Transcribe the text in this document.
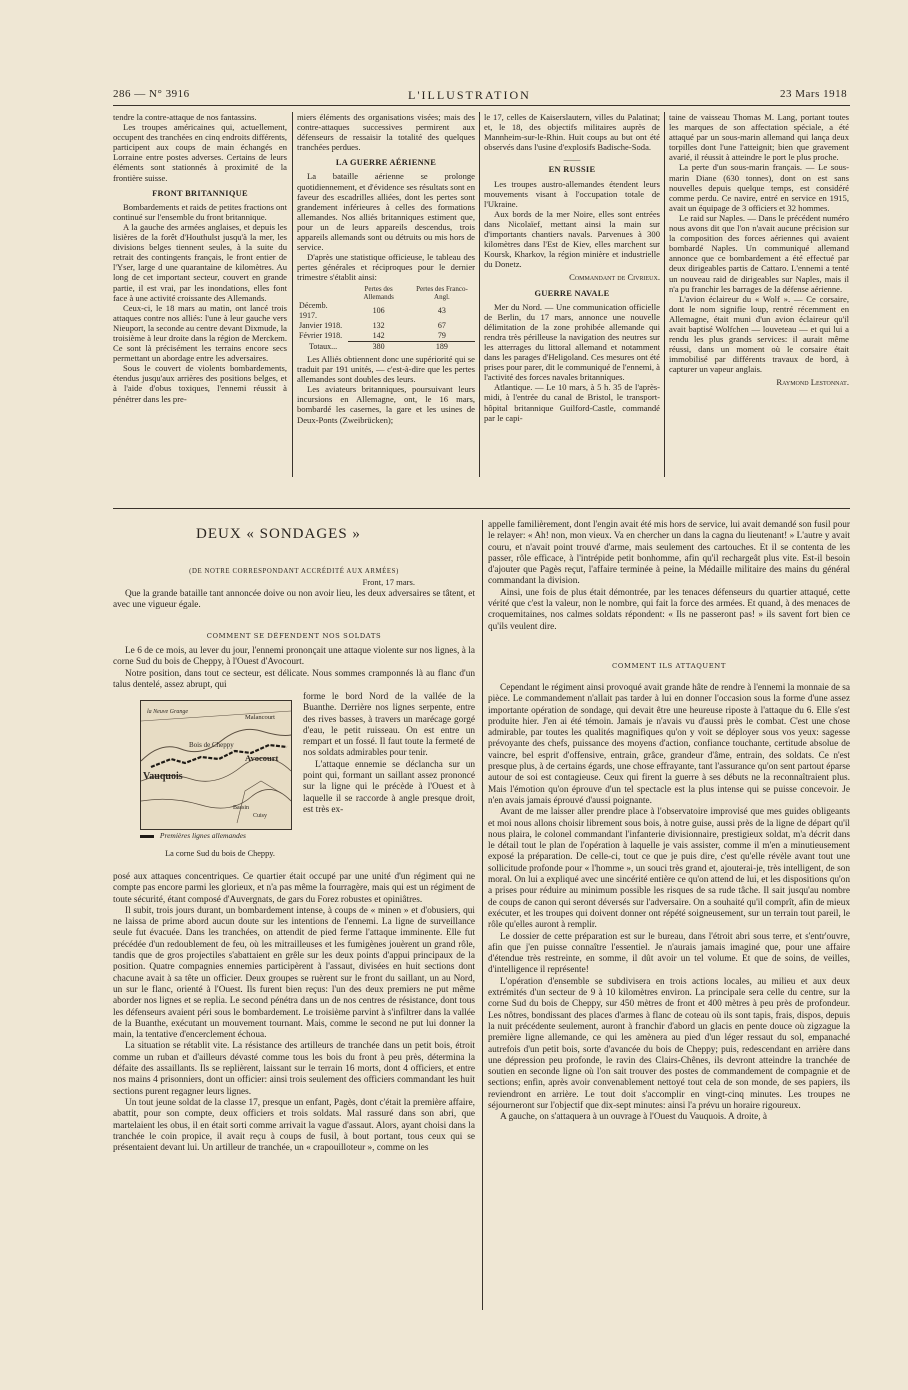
286 — N° 3916	L'ILLUSTRATION	23 Mars 1918

tendre la contre-attaque de nos fantassins.

Les troupes américaines qui, actuellement, occupent des tranchées en cinq endroits différents, participent aux coups de main échangés en Lorraine entre postes adverses. Certains de leurs éléments sont stationnés à proximité de la frontière suisse.

FRONT BRITANNIQUE

Bombardements et raids de petites fractions ont continué sur l'ensemble du front britannique.

A la gauche des armées anglaises, et depuis les lisières de la forêt d'Houthulst jusqu'à la mer, les divisions belges tiennent seules, à la suite du retrait des contingents français, le front entier de l'Yser, large d une quarantaine de kilomètres. Au long de cet important secteur, couvert en grande partie, il est vrai, par les inondations, elles font face à une activité croissante des Allemands.

Ceux-ci, le 18 mars au matin, ont lancé trois attaques contre nos alliés: l'une à leur gauche vers Nieuport, la seconde au centre devant Dixmude, la troisième à leur droite dans la région de Merckem. Ce sont là précisément les terrains encore secs permettant un abordage entre les adversaires.

Sous le couvert de violents bombardements, étendus jusqu'aux arrières des positions belges, et à l'aide d'obus toxiques, l'ennemi réussit à pénétrer dans les pre-

miers éléments des organisations visées; mais des contre-attaques successives permirent aux défenseurs de ressaisir la totalité des quelques tranchées perdues.

LA GUERRE AÉRIENNE

La bataille aérienne se prolonge quotidiennement, et d'évidence ses résultats sont en faveur des escadrilles alliées, dont les pertes sont grandement inférieures à celles des formations allemandes. Nos alliés britanniques estiment que, pour un de leurs appareils descendus, trois appareils allemands sont ou détruits ou mis hors de service.

D'après une statistique officieuse, le tableau des pertes générales et réciproques pour le dernier trimestre s'établit ainsi:

	Pertes des Allemands	Pertes des Franco-Angl.
Décemb. 1917.	106	43
Janvier 1918.	132	67
Février 1918.	142	79
Totaux...	380	189

Les Alliés obtiennent donc une supériorité qui se traduit par 191 unités, — c'est-à-dire que les pertes allemandes sont doubles des leurs.

Les aviateurs britanniques, poursuivant leurs incursions en Allemagne, ont, le 16 mars, bombardé les casernes, la gare et les usines de Deux-Ponts (Zweibrücken);

le 17, celles de Kaiserslautern, villes du Palatinat; et, le 18, des objectifs militaires auprès de Mannheim-sur-le-Rhin. Huit coups au but ont été observés dans l'usine d'explosifs Badische-Soda.

⸻
EN RUSSIE

Les troupes austro-allemandes étendent leurs mouvements visant à l'occupation totale de l'Ukraine.

Aux bords de la mer Noire, elles sont entrées dans Nicolaïef, mettant ainsi la main sur d'importants chantiers navals. Parvenues à 300 kilomètres dans l'Est de Kiev, elles marchent sur Koursk, Kharkov, la région minière et industrielle du Donetz.

Commandant de Civrieux.
GUERRE NAVALE

Mer du Nord. — Une communication officielle de Berlin, du 17 mars, annonce une nouvelle délimitation de la zone prohibée allemande qui rendra très périlleuse la navigation des neutres sur les atterrages du littoral allemand et notamment dans les parages d'Heligoland. Ces mesures ont été prises pour parer, dit le communiqué de l'ennemi, à l'activité des forces navales britanniques.

Atlantique. — Le 10 mars, à 5 h. 35 de l'après-midi, à l'entrée du canal de Bristol, le transport-hôpital britannique Guilford-Castle, commandé par le capi-

taine de vaisseau Thomas M. Lang, portant toutes les marques de son affectation spéciale, a été attaqué par un sous-marin allemand qui lança deux torpilles dont l'une l'atteignit; bien que gravement avarié, il réussit à atteindre le port le plus proche.

La perte d'un sous-marin français. — Le sous-marin Diane (630 tonnes), dont on est sans nouvelles depuis quelque temps, est considéré comme perdu. Ce navire, entré en service en 1915, avait un équipage de 3 officiers et 32 hommes.

Le raid sur Naples. — Dans le précédent numéro nous avons dit que l'on n'avait aucune précision sur la composition des forces aériennes qui avaient bombardé Naples. Un communiqué allemand annonce que ce bombardement a été effectué par deux dirigeables partis de Cattaro. L'ennemi a tenté un nouveau raid de dirigeables sur Naples, mais il n'a pu franchir les barrages de la défense aérienne.

L'avion éclaireur du « Wolf ». — Ce corsaire, dont le nom signifie loup, rentré récemment en Allemagne, était muni d'un avion éclaireur qu'il avait baptisé Wolfchen — louveteau — et qui lui a rendu les plus grands services: il aurait même réussi, dans un moment où le corsaire était immobilisé par différents travaux de bord, à capturer un vapeur anglais.

Raymond Lestonnat.
DEUX « SONDAGES »
(DE NOTRE CORRESPONDANT ACCRÉDITÉ AUX ARMÉES)
Front, 17 mars.

Que la grande bataille tant annoncée doive ou non avoir lieu, les deux adversaires se tâtent, et avec une vigueur égale.

COMMENT SE DÉFENDENT NOS SOLDATS

Le 6 de ce mois, au lever du jour, l'ennemi prononçait une attaque violente sur nos lignes, à la corne Sud du bois de Cheppy, à l'Ouest d'Avocourt.

Notre position, dans tout ce secteur, est délicate. Nous sommes cramponnés là au flanc d'un talus dentelé, assez abrupt, qui

la Neuve Grange
Malancourt
Vauquois
Bois de Cheppy
Avocourt
Bassin
Cuisy
Premières lignes allemandes
La corne Sud du bois de Cheppy.

forme le bord Nord de la vallée de la Buanthe. Derrière nos lignes serpente, entre des rives basses, à travers un marécage gorgé d'eau, le petit ruisseau. On est entre un rempart et un fossé. Il faut toute la fermeté de nos soldats admirables pour tenir.

L'attaque ennemie se déclancha sur un point qui, formant un saillant assez prononcé sur la ligne qui le précède à l'Ouest et à laquelle il se raccorde à angle presque droit, est très ex-

posé aux attaques concentriques. Ce quartier était occupé par une unité d'un régiment qui ne compte pas encore parmi les glorieux, et n'a pas même la fourragère, mais qui est un régiment de toute sécurité, étant composé d'Auvergnats, de gars du Forez robustes et opiniâtres.

Il subit, trois jours durant, un bombardement intense, à coups de « minen » et d'obusiers, qui ne laissa de prime abord aucun doute sur les intentions de l'ennemi. La ligne de surveillance seule fut évacuée. Dans les tranchées, on attendit de pied ferme l'attaque imminente. Elle fut précédée d'un redoublement de feu, où les mitrailleuses et les fumigènes jouèrent un grand rôle, tandis que de gros projectiles s'abattaient en grêle sur les deux points d'appui principaux de la position. Quatre compagnies ennemies participèrent à l'assaut, divisées en huit sections dont chacune avait à sa tête un officier. Deux groupes se ruèrent sur le front du saillant, un au Nord, un sur le flanc, orienté à l'Ouest. Ils furent bien reçus: l'un des deux premiers ne put même aborder nos lignes et se replia. Le second pénétra dans un de nos centres de résistance, dont tous les défenseurs avaient péri sous le bombardement. Le troisième parvint à s'infiltrer dans la vallée de la Buanthe, exécutant un mouvement tournant. Mais, comme le second ne put lui donner la main, la tentative d'encerclement échoua.

La situation se rétablit vite. La résistance des artilleurs de tranchée dans un petit bois, étroit comme un ruban et d'ailleurs dévasté comme tous les bois du front à peu près, détermina la défaite des assaillants. Ils se replièrent, laissant sur le terrain 16 morts, dont 4 officiers, et entre nos mains 4 prisonniers, dont un officier: ainsi trois seulement des officiers commandant les huit sections purent regagner leurs lignes.

Un tout jeune soldat de la classe 17, presque un enfant, Pagès, dont c'était la première affaire, abattit, pour son compte, deux officiers et trois soldats. Mal rassuré dans son abri, que martelaient les obus, il en était sorti comme arrivait la vague d'assaut. Alors, ayant choisi dans la tranchée le coin propice, il avait reçu à coups de fusil, à bout portant, tous ceux qui se présentaient devant lui. Un artilleur de tranchée, un « crapouilloteur », comme on les

appelle familièrement, dont l'engin avait été mis hors de service, lui avait demandé son fusil pour le relayer: « Ah! non, mon vieux. Va en chercher un dans la cagna du lieutenant! » L'autre y avait couru, et n'avait point trouvé d'arme, mais seulement des cartouches. Et il se contenta de les passer, rôle efficace, à l'intrépide petit bonhomme, afin qu'il rechargeât plus vite. Est-il besoin d'ajouter que Pagès reçut, l'affaire terminée à peine, la Médaille militaire des mains du général commandant la division.

Ainsi, une fois de plus était démontrée, par les tenaces défenseurs du quartier attaqué, cette vérité que c'est la valeur, non le nombre, qui fait la force des armées. Et quand, à des menaces de croquemitaines, nos calmes soldats répondent: « Ils ne passeront pas! » ils savent fort bien ce qu'ils veulent dire.

COMMENT ILS ATTAQUENT

Cependant le régiment ainsi provoqué avait grande hâte de rendre à l'ennemi la monnaie de sa pièce. Le commandement n'allait pas tarder à lui en donner l'occasion sous la forme d'une assez importante opération de sondage, qui devait être une heureuse riposte à l'attaque du 6. Elle s'est produite hier. J'en ai été témoin. Jamais je n'avais vu d'aussi près le combat. C'est une chose admirable, par toutes les qualités magnifiques qu'on y voit se déployer sous vos yeux: sagesse prévoyante des chefs, puissance des moyens d'action, confiance touchante, certitude absolue de vaincre, bel esprit d'offensive, entrain, grâce, grandeur d'âme, entrain, des soldats. Ce n'est presque plus, à de certains égards, une chose effrayante, tant l'assurance qu'on sent partout éparse autour de soi est contagieuse. Ceux qui firent la guerre à ses débuts ne la reconnaîtraient plus. Mais l'émotion qu'on éprouve d'un tel spectacle est la plus intense qui se puisse concevoir. Je n'en avais jamais éprouvé d'aussi poignante.

Avant de me laisser aller prendre place à l'observatoire improvisé que mes guides obligeants et moi nous allons choisir librement sous bois, à notre guise, aussi près de la ligne de départ qu'il nous plaira, le colonel commandant l'infanterie divisionnaire, prestigieux soldat, m'a décrit dans le détail tout le plan de l'opération à laquelle je vais assister, comme il m'en a minutieusement exposé la préparation. De celle-ci, tout ce que je puis dire, c'est qu'elle révèle avant tout une sollicitude profonde pour « l'homme », un souci très grand et, ajouterai-je, très intelligent, de son moral. On lui a expliqué avec une sincérité entière ce qu'on attend de lui, et les dispositions qu'on a prises pour réduire au minimum possible les risques de sa rude tâche. Il sait jusqu'au nombre de coups de canon qui seront déversés sur l'adversaire. On a souhaité qu'il comprît, afin de mieux exécuter, et les troupes qui doivent donner ont répété soigneusement, sur un terrain tout pareil, le rôle qu'elles auront à remplir.

Le dossier de cette préparation est sur le bureau, dans l'étroit abri sous terre, et s'entr'ouvre, afin que j'en puisse connaître l'essentiel. Je n'aurais jamais imaginé que, pour une affaire d'étendue très restreinte, en somme, il dût avoir un tel volume. Et que de soins, de veilles, d'intelligence il représente!

L'opération d'ensemble se subdivisera en trois actions locales, au milieu et aux deux extrémités d'un secteur de 9 à 10 kilomètres environ. La principale sera celle du centre, sur la corne Sud du bois de Cheppy, sur 450 mètres de front et 400 mètres à peu près de profondeur. Les nôtres, bondissant des places d'armes à flanc de coteau où ils sont tapis, frais, dispos, depuis la nuit précédente seulement, auront à franchir d'abord un glacis en pente douce où zigzague la première ligne allemande, ce qui les amènera au pied d'un léger ressaut du sol, empanaché autrefois d'un petit bois, sorte d'avancée du bois de Cheppy; puis, redescendant en arrière dans une dépression peu profonde, le ravin des Clairs-Chênes, ils devront atteindre la tranchée de soutien en seconde ligne où l'on sait trouver des postes de commandement de compagnie et de sections; enfin, après avoir convenablement nettoyé tout cela de son monde, de ses papiers, ils reviendront en arrière. Le tout doit s'accomplir en vingt-cinq minutes. Les troupes ne séjourneront sur l'objectif que dix-sept minutes: ainsi l'a prévu un horaire rigoureux.

A gauche, on s'attaquera à un ouvrage à l'Ouest du Vauquois. A droite, à
